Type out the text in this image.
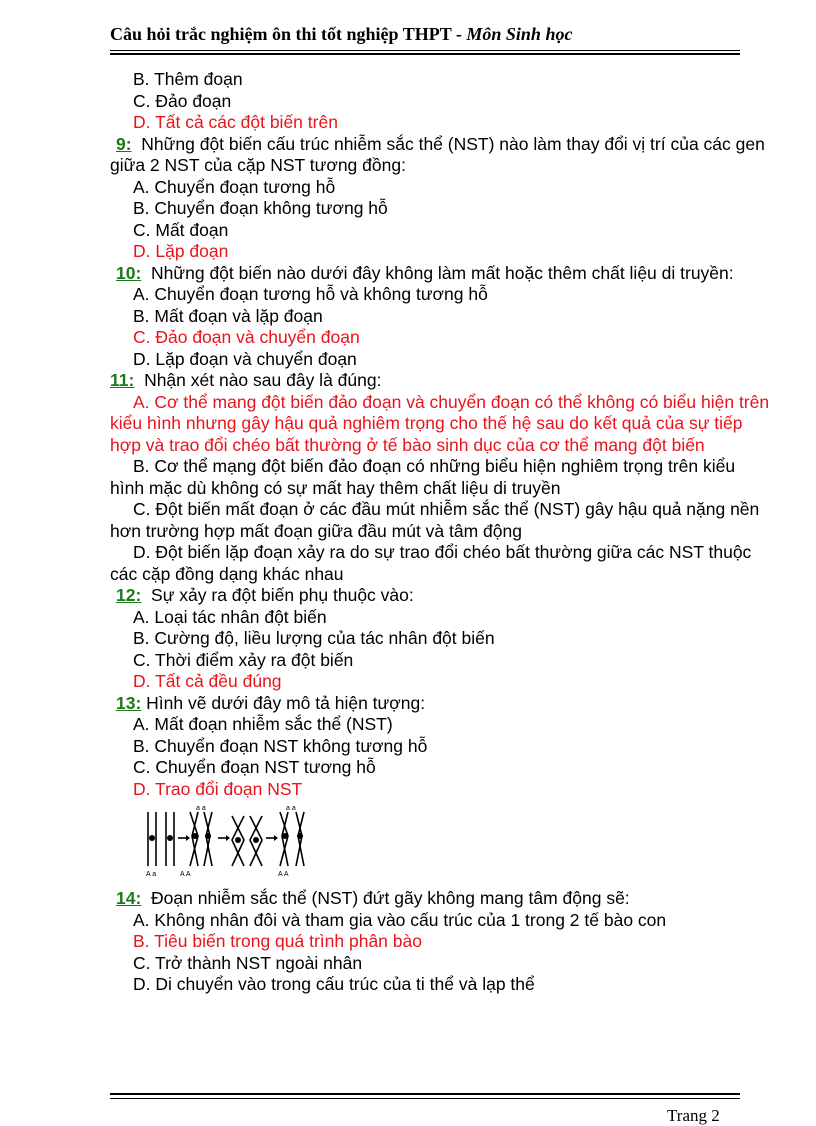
Câu hỏi trắc nghiệm ôn thi tốt nghiệp THPT - Môn Sinh học
B. Thêm đoạn
C. Đảo đoạn
D. Tất cả các đột biến trên
9: Những đột biến cấu trúc nhiễm sắc thể (NST) nào làm thay đổi vị trí của các gen giữa 2 NST của cặp NST tương đồng:
A. Chuyển đoạn tương hỗ
B. Chuyển đoạn không tương hỗ
C. Mất đoạn
D. Lặp đoạn
10: Những đột biến nào dưới đây không làm mất hoặc thêm chất liệu di truyền:
A. Chuyển đoạn tương hỗ và không tương hỗ
B. Mất đoạn và lặp đoạn
C. Đảo đoạn và chuyển đoạn
D. Lặp đoạn và chuyển đoạn
11: Nhận xét nào sau đây là đúng:
A. Cơ thể mang đột biến đảo đoạn và chuyển đoạn có thể không có biểu hiện trên kiểu hình nhưng gây hậu quả nghiêm trọng cho thế hệ sau do kết quả của sự tiếp hợp và trao đổi chéo bất thường ở tế bào sinh dục của cơ thể mang đột biến
B. Cơ thể mạng đột biến đảo đoạn có những biểu hiện nghiêm trọng trên kiểu hình mặc dù không có sự mất hay thêm chất liệu di truyền
C. Đột biến mất đoạn ở các đầu mút nhiễm sắc thể (NST) gây hậu quả nặng nền hơn trường hợp mất đoạn giữa đầu mút và tâm động
D. Đột biến lặp đoạn xảy ra do sự trao đổi chéo bất thường giữa các NST thuộc các cặp đồng dạng khác nhau
12: Sự xảy ra đột biến phụ thuộc vào:
A. Loại tác nhân đột biến
B. Cường độ, liều lượng của tác nhân đột biến
C. Thời điểm xảy ra đột biến
D. Tất cả đều đúng
13: Hình vẽ dưới đây mô tả hiện tượng:
A. Mất đoạn nhiễm sắc thể (NST)
B. Chuyển đoạn NST không tương hỗ
C. Chuyển đoạn NST tương hỗ
D. Trao đổi đoạn NST
a a	a a
A a	A A	A A
14: Đoạn nhiễm sắc thể (NST) đứt gãy không mang tâm động sẽ:
A. Không nhân đôi và tham gia vào cấu trúc của 1 trong 2 tế bào con
B. Tiêu biến trong quá trình phân bào
C. Trở thành NST ngoài nhân
D. Di chuyển vào trong cấu trúc của ti thể và lạp thể
Trang 2
